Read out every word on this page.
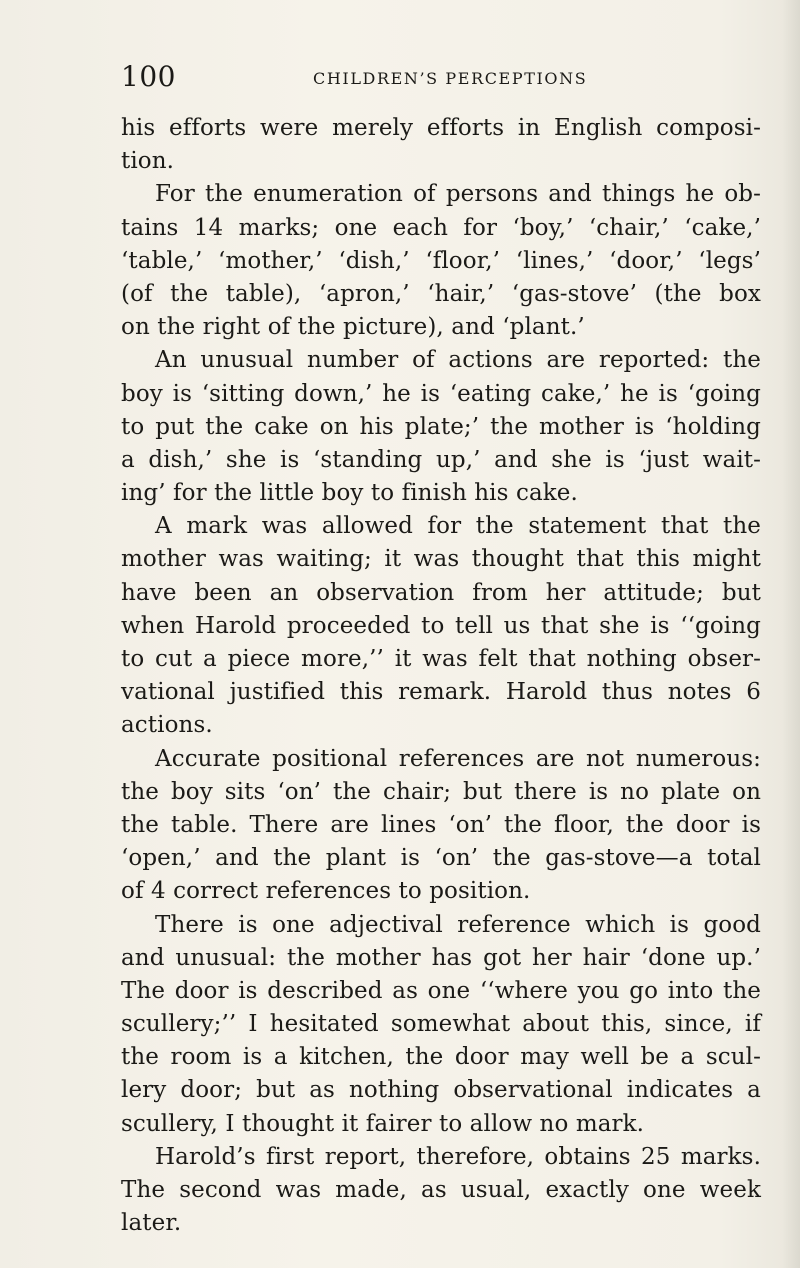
100	CHILDREN’S PERCEPTIONS
his efforts were merely efforts in English composi-
tion.
For the enumeration of persons and things he ob-
tains 14 marks; one each for ‘boy,’ ‘chair,’ ‘cake,’
‘table,’ ‘mother,’ ‘dish,’ ‘floor,’ ‘lines,’ ‘door,’ ‘legs’
(of the table), ‘apron,’ ‘hair,’ ‘gas-stove’ (the box
on the right of the picture), and ‘plant.’
An unusual number of actions are reported: the
boy is ‘sitting down,’ he is ‘eating cake,’ he is ‘going
to put the cake on his plate;’ the mother is ‘holding
a dish,’ she is ‘standing up,’ and she is ‘just wait-
ing’ for the little boy to finish his cake.
A mark was allowed for the statement that the
mother was waiting; it was thought that this might
have been an observation from her attitude; but
when Harold proceeded to tell us that she is ‘‘going
to cut a piece more,’’ it was felt that nothing obser-
vational justified this remark. Harold thus notes 6
actions.
Accurate positional references are not numerous:
the boy sits ‘on’ the chair; but there is no plate on
the table. There are lines ‘on’ the floor, the door is
‘open,’ and the plant is ‘on’ the gas-stove—a total
of 4 correct references to position.
There is one adjectival reference which is good
and unusual: the mother has got her hair ‘done up.’
The door is described as one ‘‘where you go into the
scullery;’’ I hesitated somewhat about this, since, if
the room is a kitchen, the door may well be a scul-
lery door; but as nothing observational indicates a
scullery, I thought it fairer to allow no mark.
Harold’s first report, therefore, obtains 25 marks.
The second was made, as usual, exactly one week
later.
